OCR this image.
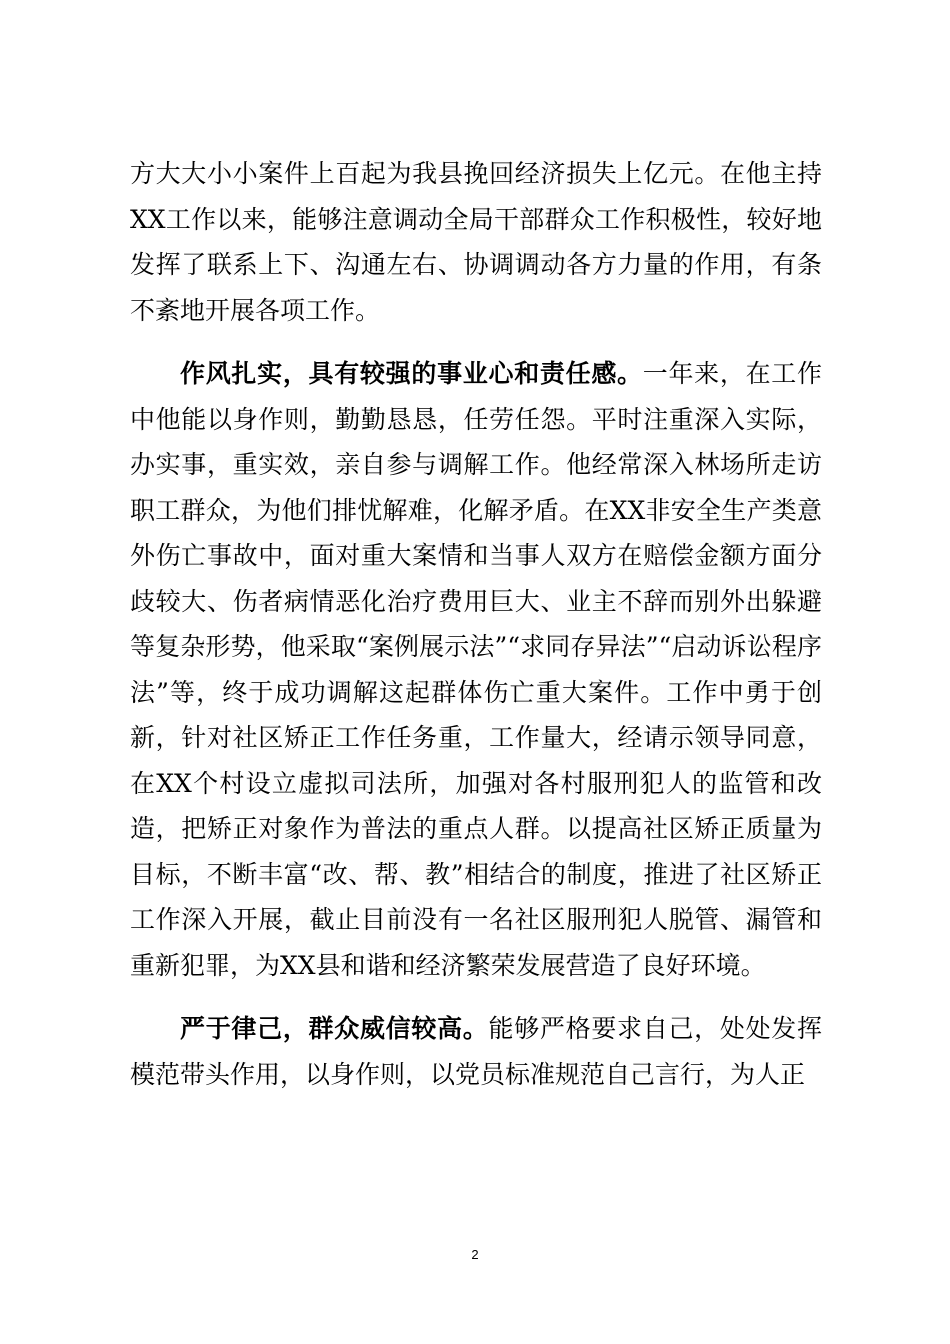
方大大小小案件上百起为我县挽回经济损失上亿元。在他主持XX工作以来，能够注意调动全局干部群众工作积极性，较好地发挥了联系上下、沟通左右、协调调动各方力量的作用，有条不紊地开展各项工作。

作风扎实，具有较强的事业心和责任感。一年来，在工作中他能以身作则，勤勤恳恳，任劳任怨。平时注重深入实际，办实事，重实效，亲自参与调解工作。他经常深入林场所走访职工群众，为他们排忧解难，化解矛盾。在XX非安全生产类意外伤亡事故中，面对重大案情和当事人双方在赔偿金额方面分歧较大、伤者病情恶化治疗费用巨大、业主不辞而别外出躲避等复杂形势，他采取“案例展示法”“求同存异法”“启动诉讼程序法”等，终于成功调解这起群体伤亡重大案件。工作中勇于创新，针对社区矫正工作任务重，工作量大，经请示领导同意，在XX个村设立虚拟司法所，加强对各村服刑犯人的监管和改造，把矫正对象作为普法的重点人群。以提高社区矫正质量为目标，不断丰富“改、帮、教”相结合的制度，推进了社区矫正工作深入开展，截止目前没有一名社区服刑犯人脱管、漏管和重新犯罪，为XX县和谐和经济繁荣发展营造了良好环境。

严于律己，群众威信较高。能够严格要求自己，处处发挥模范带头作用，以身作则，以党员标准规范自己言行，为人正

2
